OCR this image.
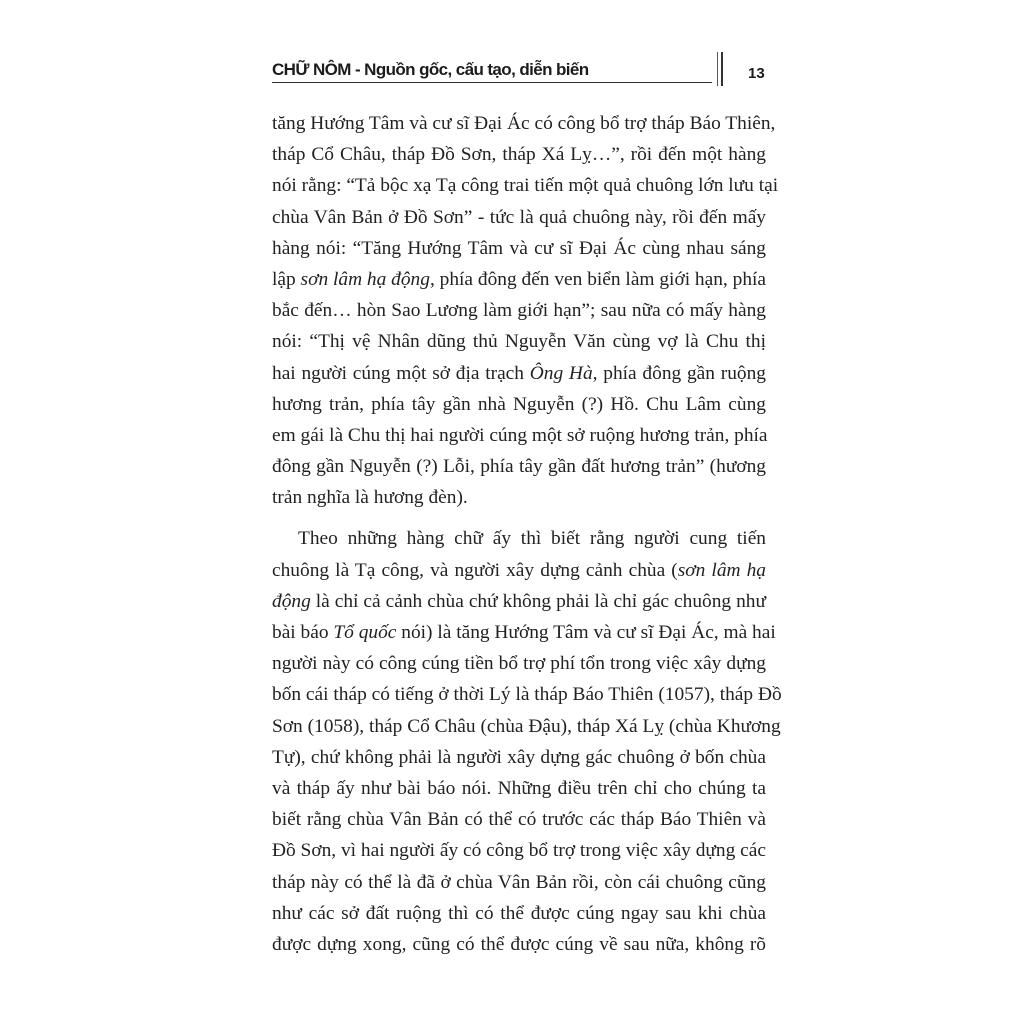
CHỮ NÔM - Nguồn gốc, cấu tạo, diễn biến	13
tăng Hướng Tâm và cư sĩ Đại Ác có công bổ trợ tháp Báo Thiên,
tháp Cổ Châu, tháp Đồ Sơn, tháp Xá Lỵ…”, rồi đến một hàng
nói rằng: “Tả bộc xạ Tạ công trai tiến một quả chuông lớn lưu tại
chùa Vân Bản ở Đồ Sơn” - tức là quả chuông này, rồi đến mấy
hàng nói: “Tăng Hướng Tâm và cư sĩ Đại Ác cùng nhau sáng
lập sơn lâm hạ động, phía đông đến ven biển làm giới hạn, phía
bắc đến… hòn Sao Lương làm giới hạn”; sau nữa có mấy hàng
nói: “Thị vệ Nhân dũng thủ Nguyễn Văn cùng vợ là Chu thị
hai người cúng một sở địa trạch Ông Hà, phía đông gần ruộng
hương trản, phía tây gần nhà Nguyễn (?) Hồ. Chu Lâm cùng
em gái là Chu thị hai người cúng một sở ruộng hương trản, phía
đông gần Nguyễn (?) Lỗi, phía tây gần đất hương trản” (hương
trản nghĩa là hương đèn).
Theo những hàng chữ ấy thì biết rằng người cung tiến
chuông là Tạ công, và người xây dựng cảnh chùa (sơn lâm hạ
động là chỉ cả cảnh chùa chứ không phải là chỉ gác chuông như
bài báo Tổ quốc nói) là tăng Hướng Tâm và cư sĩ Đại Ác, mà hai
người này có công cúng tiền bổ trợ phí tổn trong việc xây dựng
bốn cái tháp có tiếng ở thời Lý là tháp Báo Thiên (1057), tháp Đồ
Sơn (1058), tháp Cổ Châu (chùa Đậu), tháp Xá Lỵ (chùa Khương
Tự), chứ không phải là người xây dựng gác chuông ở bốn chùa
và tháp ấy như bài báo nói. Những điều trên chỉ cho chúng ta
biết rằng chùa Vân Bản có thể có trước các tháp Báo Thiên và
Đồ Sơn, vì hai người ấy có công bổ trợ trong việc xây dựng các
tháp này có thể là đã ở chùa Vân Bản rồi, còn cái chuông cũng
như các sở đất ruộng thì có thể được cúng ngay sau khi chùa
được dựng xong, cũng có thể được cúng về sau nữa, không rõ
